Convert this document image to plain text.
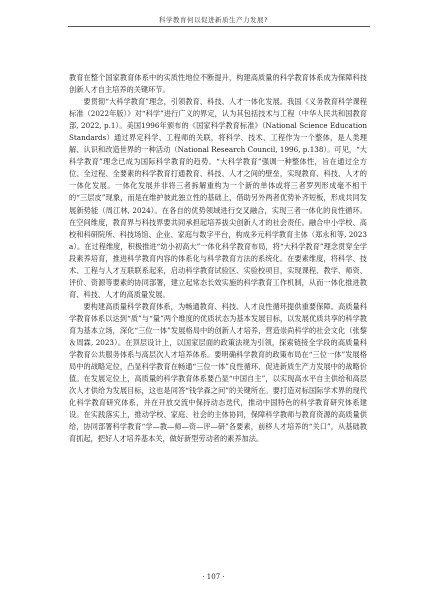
科学教育何以促进新质生产力发展?

教育在整个国家教育体系中的实质性地位不断提升，构建高质量的科学教育体系成为保障科技创新人才自主培养的关键环节。

要贯彻“大科学教育”理念，引领教育、科技、人才一体化发展。我国《义务教育科学课程标准（2022年版）》对“科学”进行广义的界定，认为其包括技术与工程（中华人民共和国教育部, 2022, p.1）。美国1996年颁布的《国家科学教育标准》（National Science Education Standards）通过界定科学、工程师的关联，将科学、技术、工程作为一个整体，是人类理解、认识和改造世界的一种活动（National Research Council, 1996, p.138）。可见，“大科学教育”理念已成为国际科学教育的趋势。“大科学教育”强调一种整体性，旨在通过全方位、全过程、全要素的科学教育打通教育、科技、人才之间的壁垒，实现教育、科技、人才的一体化发展。一体化发展并非将三者拆解重构为一个新的单体或将三者罗列形成毫不相干的“三层皮”现象，而是在维护彼此独立性的基础上，借助另外两者优势补齐短板，形成共同发展新势能（周江林, 2024）。在各自的优势领域进行交叉融合，实现三者一体化的良性循环。在空间维度，教育界与科技界要共同承担起培养拔尖创新人才的社会责任。融合中小学校、高校和科研院所、科技场馆、企业、家庭与数字平台，构成多元科学教育主体（郑永和等, 2023a）。在过程维度，积极推进“幼小初高大”一体化科学教育布局，将“大科学教育”理念贯穿全学段素养培育，推进科学教育内容的体系化与科学教育方法的系统化。在要素维度，将科学、技术、工程与人才互联联系起来，启动科学教育试验区、实验校项目，实现课程、教学、师资、评价、资源等要素的协同部署，建立起常态长效实施的科学教育工作机制，从而一体化推进教育、科技、人才的高质量发展。

要构建高质量科学教育体系，为畅通教育、科技、人才良性循环提供重要保障。高质量科学教育体系以达到“质”与“量”两个维度的优质状态为基本发展目标，以发展优质共享的科学教育为基本立场，深化“三位一体”发展格局中的创新人才培养，营造崇尚科学的社会文化（张黎＆周霖, 2023）。在顶层设计上，以国家层面的政策法规为引领，探索链接全学段的高质量科学教育公共服务体系与高层次人才培养体系。要明确科学教育的政策布局在“三位一体”发展格局中的战略定位，凸显科学教育在畅通“三位一体”良性循环、促进新质生产力发展中的战略价值。在发展定位上，高质量的科学教育体系要凸显“中国自主”，以实现高水平自主供给和高层次人才供给为发展目标，这也是同答“钱学森之问”的关键所在。要打造对标国际学术界的现代化科学教育研究体系，并在开放交流中保持动态迭代，推动中国特色的科学教育研究体系建设。在实践落实上，推动学校、家庭、社会的主体协同，保障科学教师与教育资源的高质量供给，协同部署科学教育“学—教—师—资—评—研”各要素，前移人才培养的“关口”，从基础教育抓起，把好人才培养基本关，做好新型劳动者的素养加法。

· 107 ·
